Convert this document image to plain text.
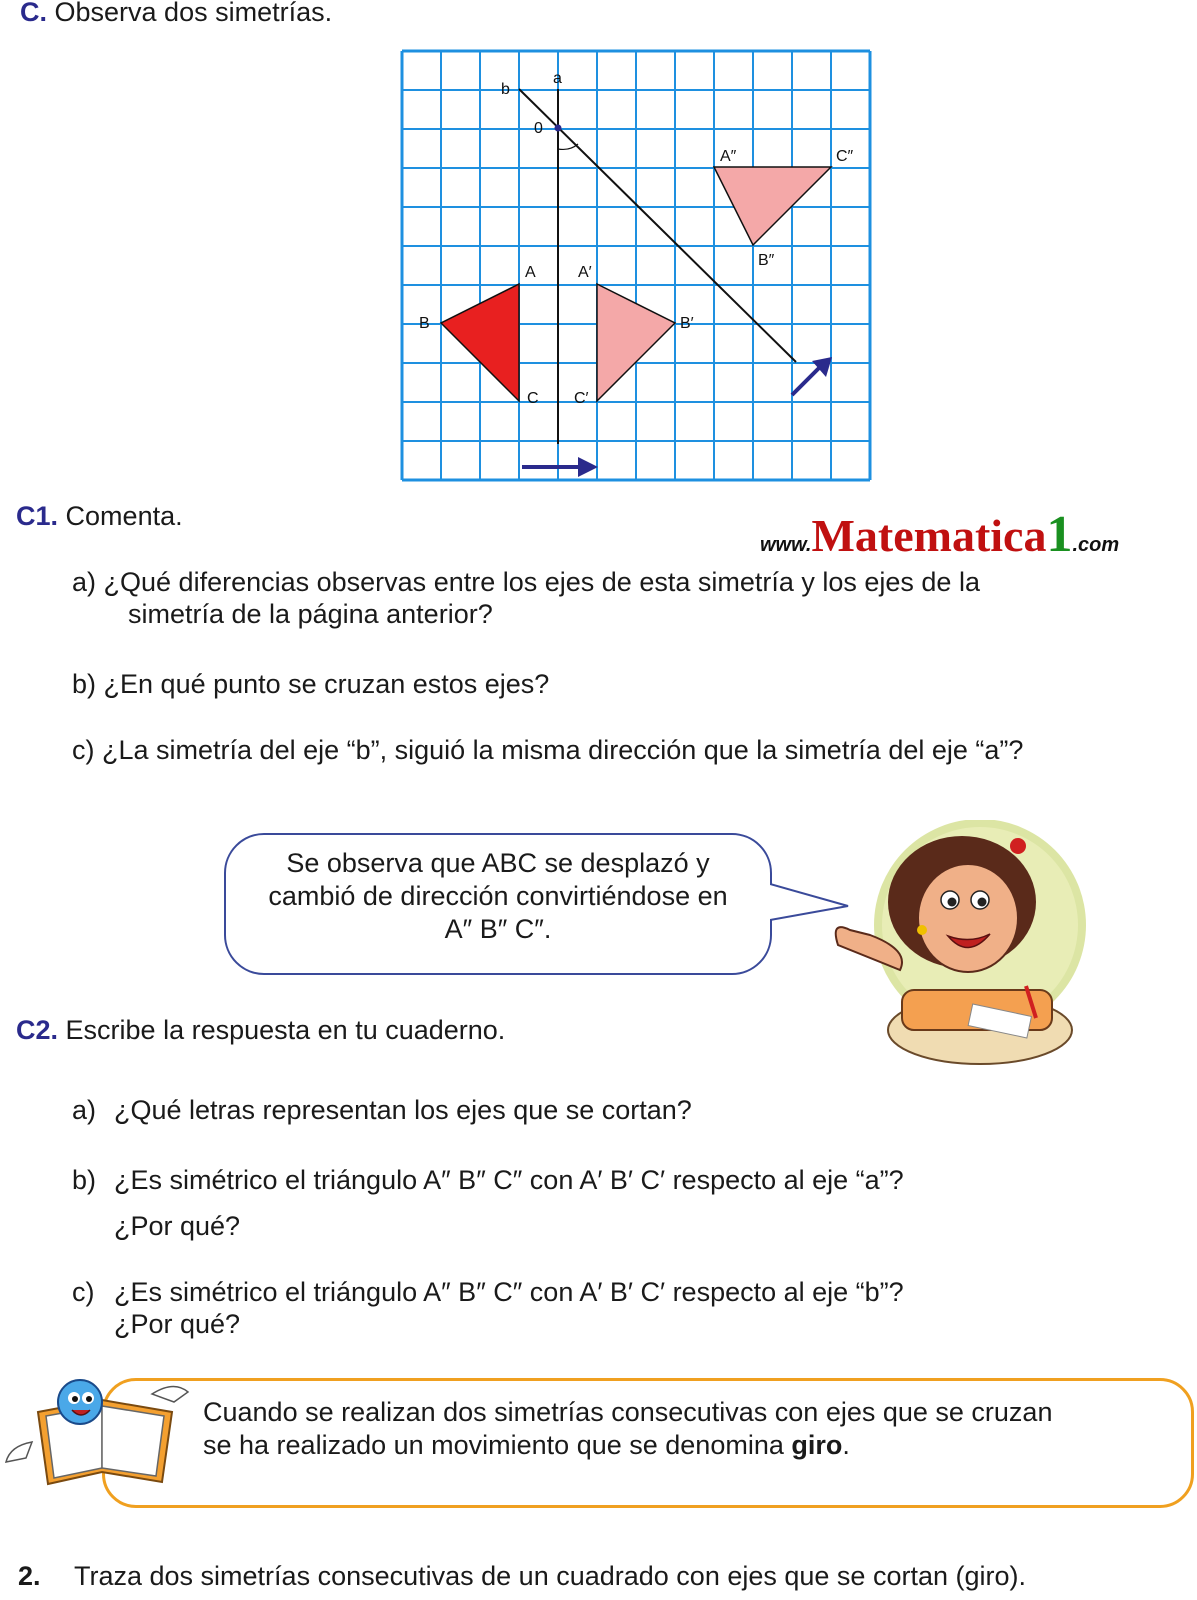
C. Observa dos simetrías.
a
b
0
A
B
C
A′
B′
C′
A″	C″
B″
C1. Comenta.
www.Matematica1.com
a) ¿Qué diferencias observas entre los ejes de esta simetría y los ejes de la
simetría de la página anterior?
b) ¿En qué punto se cruzan estos ejes?
c) ¿La simetría del eje “b”, siguió la misma dirección que la simetría del eje “a”?
Se observa que ABC se desplazó y
cambió de dirección convirtiéndose en
A″ B″ C″.
C2. Escribe la respuesta en tu cuaderno.
a) ¿Qué letras representan los ejes que se cortan?
b) ¿Es simétrico el triángulo A″ B″ C″ con A′ B′ C′ respecto al eje “a”?
¿Por qué?
c) ¿Es simétrico el triángulo A″ B″ C″ con A′ B′ C′ respecto al eje “b”?
¿Por qué?
Cuando se realizan dos simetrías consecutivas con ejes que se cruzan
se ha realizado un movimiento que se denomina giro.
2. Traza dos simetrías consecutivas de un cuadrado con ejes que se cortan (giro).
